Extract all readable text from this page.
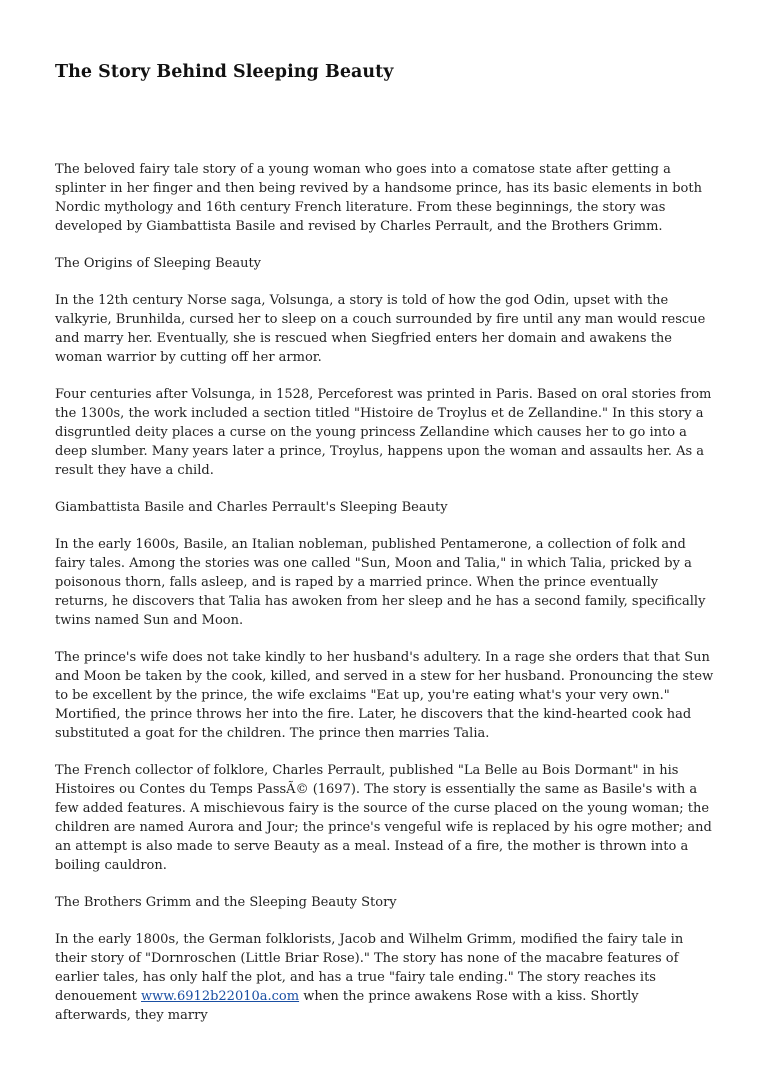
The Story Behind Sleeping Beauty

The beloved fairy tale story of a young woman who goes into a comatose state after getting a splinter in her finger and then being revived by a handsome prince, has its basic elements in both Nordic mythology and 16th century French literature. From these beginnings, the story was developed by Giambattista Basile and revised by Charles Perrault, and the Brothers Grimm.

The Origins of Sleeping Beauty

In the 12th century Norse saga, Volsunga, a story is told of how the god Odin, upset with the valkyrie, Brunhilda, cursed her to sleep on a couch surrounded by fire until any man would rescue and marry her. Eventually, she is rescued when Siegfried enters her domain and awakens the woman warrior by cutting off her armor.

Four centuries after Volsunga, in 1528, Perceforest was printed in Paris. Based on oral stories from the 1300s, the work included a section titled "Histoire de Troylus et de Zellandine." In this story a disgruntled deity places a curse on the young princess Zellandine which causes her to go into a deep slumber. Many years later a prince, Troylus, happens upon the woman and assaults her. As a result they have a child.

Giambattista Basile and Charles Perrault's Sleeping Beauty

In the early 1600s, Basile, an Italian nobleman, published Pentamerone, a collection of folk and fairy tales. Among the stories was one called "Sun, Moon and Talia," in which Talia, pricked by a poisonous thorn, falls asleep, and is raped by a married prince. When the prince eventually returns, he discovers that Talia has awoken from her sleep and he has a second family, specifically twins named Sun and Moon.

The prince's wife does not take kindly to her husband's adultery. In a rage she orders that that Sun and Moon be taken by the cook, killed, and served in a stew for her husband. Pronouncing the stew to be excellent by the prince, the wife exclaims "Eat up, you're eating what's your very own." Mortified, the prince throws her into the fire. Later, he discovers that the kind-hearted cook had substituted a goat for the children. The prince then marries Talia.

The French collector of folklore, Charles Perrault, published "La Belle au Bois Dormant" in his Histoires ou Contes du Temps PassÃ© (1697). The story is essentially the same as Basile's with a few added features. A mischievous fairy is the source of the curse placed on the young woman; the children are named Aurora and Jour; the prince's vengeful wife is replaced by his ogre mother; and an attempt is also made to serve Beauty as a meal. Instead of a fire, the mother is thrown into a boiling cauldron.

The Brothers Grimm and the Sleeping Beauty Story

In the early 1800s, the German folklorists, Jacob and Wilhelm Grimm, modified the fairy tale in their story of "Dornroschen (Little Briar Rose)." The story has none of the macabre features of earlier tales, has only half the plot, and has a true "fairy tale ending." The story reaches its denouement www.6912b22010a.com when the prince awakens Rose with a kiss. Shortly afterwards, they marry
